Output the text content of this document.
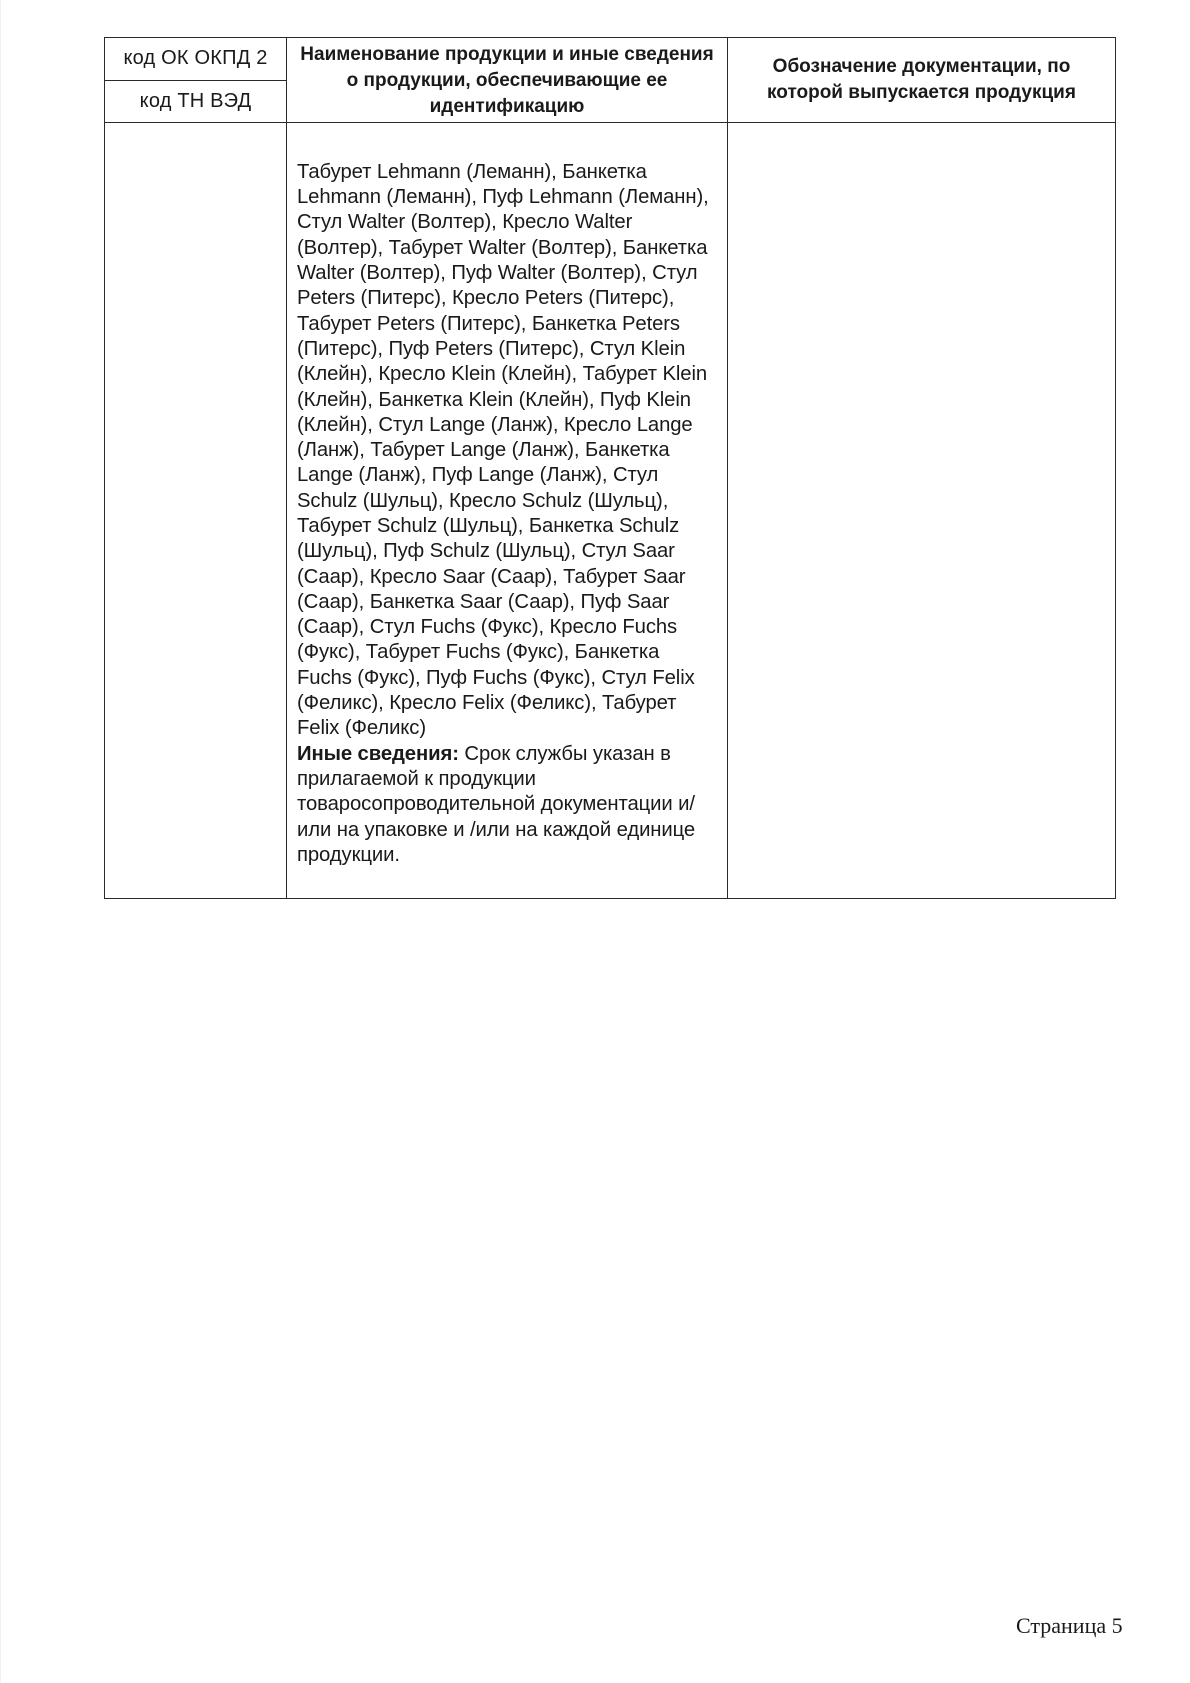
код ОК ОКПД 2	Наименование продукции и иные сведения о продукции, обеспечивающие ее идентификацию	Обозначение документации, по которой выпускается продукция
код ТН ВЭД		
	Табурет Lehmann (Леманн), Банкетка Lehmann (Леманн), Пуф Lehmann (Леманн), Стул Walter (Волтер), Кресло Walter (Волтер), Табурет Walter (Волтер), Банкетка Walter (Волтер), Пуф Walter (Волтер), Стул Peters (Питерс), Кресло Peters (Питерс), Табурет Peters (Питерс), Банкетка Peters (Питерс), Пуф Peters (Питерс), Стул Klein (Клейн), Кресло Klein (Клейн), Табурет Klein (Клейн), Банкетка Klein (Клейн), Пуф Klein (Клейн), Стул Lange (Ланж), Кресло Lange (Ланж), Табурет Lange (Ланж), Банкетка Lange (Ланж), Пуф Lange (Ланж), Стул Schulz (Шульц), Кресло Schulz (Шульц), Табурет Schulz (Шульц), Банкетка Schulz (Шульц), Пуф Schulz (Шульц), Стул Saar (Саар), Кресло Saar (Саар), Табурет Saar (Саар), Банкетка Saar (Саар), Пуф Saar (Саар), Стул Fuchs (Фукс), Кресло Fuchs (Фукс), Табурет Fuchs (Фукс), Банкетка Fuchs (Фукс), Пуф Fuchs (Фукс), Стул Felix (Феликс), Кресло Felix (Феликс), Табурет Felix (Феликс)
Иные сведения: Срок службы указан в прилагаемой к продукции товаросопроводительной документации и/или на упаковке и /или на каждой единице продукции.	
Страница 5
